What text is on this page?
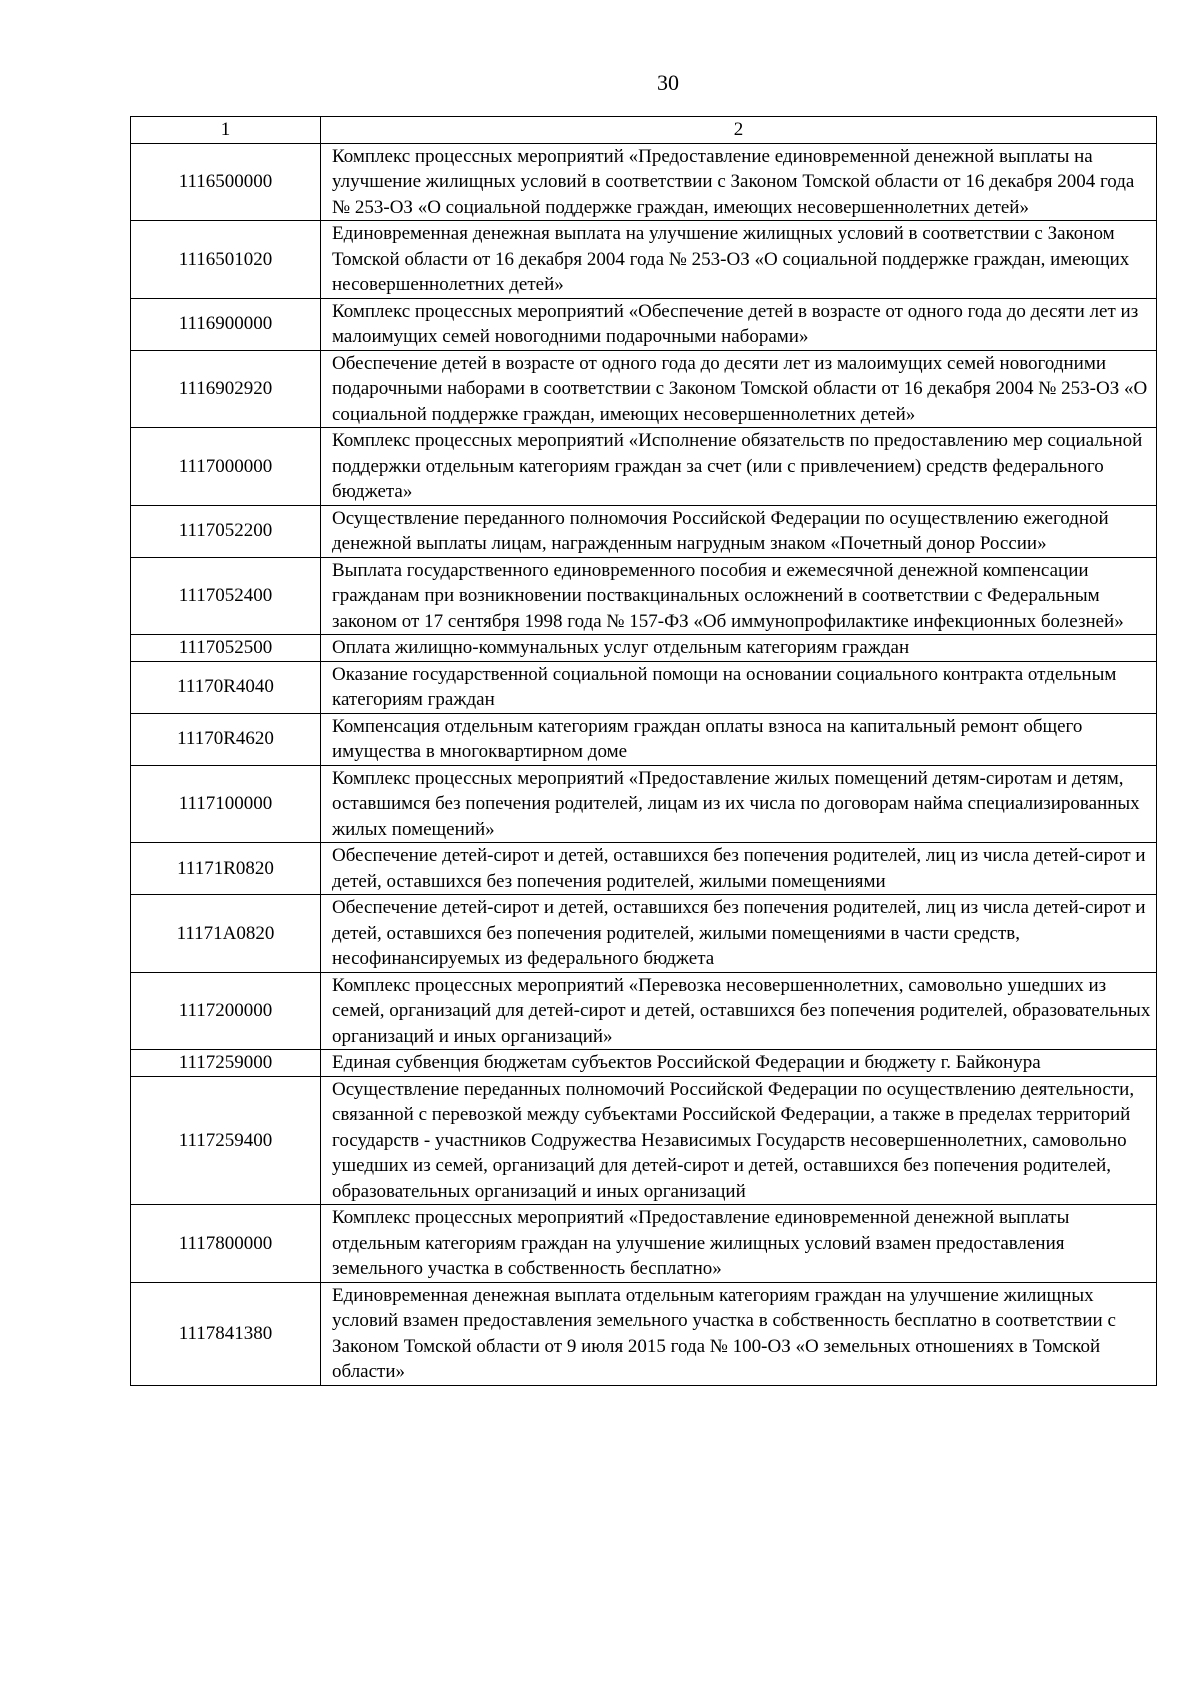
30
1	2
1116500000	Комплекс процессных мероприятий «Предоставление единовременной денежной выплаты на улучшение жилищных условий в соответствии с Законом Томской области от 16 декабря 2004 года № 253-ОЗ «О социальной поддержке граждан, имеющих несовершеннолетних детей»
1116501020	Единовременная денежная выплата на улучшение жилищных условий в соответствии с Законом Томской области от 16 декабря 2004 года № 253-ОЗ «О социальной поддержке граждан, имеющих несовершеннолетних детей»
1116900000	Комплекс процессных мероприятий «Обеспечение детей в возрасте от одного года до десяти лет из малоимущих семей новогодними подарочными наборами»
1116902920	Обеспечение детей в возрасте от одного года до десяти лет из малоимущих семей новогодними подарочными наборами в соответствии с Законом Томской области от 16 декабря 2004 № 253-ОЗ «О социальной поддержке граждан, имеющих несовершеннолетних детей»
1117000000	Комплекс процессных мероприятий «Исполнение обязательств по предоставлению мер социальной поддержки отдельным категориям граждан за счет (или с привлечением) средств федерального бюджета»
1117052200	Осуществление переданного полномочия Российской Федерации по осуществлению ежегодной денежной выплаты лицам, награжденным нагрудным знаком «Почетный донор России»
1117052400	Выплата государственного единовременного пособия и ежемесячной денежной компенсации гражданам при возникновении поствакцинальных осложнений в соответствии с Федеральным законом от 17 сентября 1998 года № 157-ФЗ «Об иммунопрофилактике инфекционных болезней»
1117052500	Оплата жилищно-коммунальных услуг отдельным категориям граждан
11170R4040	Оказание государственной социальной помощи на основании социального контракта отдельным категориям граждан
11170R4620	Компенсация отдельным категориям граждан оплаты взноса на капитальный ремонт общего имущества в многоквартирном доме
1117100000	Комплекс процессных мероприятий «Предоставление жилых помещений детям-сиротам и детям, оставшимся без попечения родителей, лицам из их числа по договорам найма специализированных жилых помещений»
11171R0820	Обеспечение детей-сирот и детей, оставшихся без попечения родителей, лиц из числа детей-сирот и детей, оставшихся без попечения родителей, жилыми помещениями
11171A0820	Обеспечение детей-сирот и детей, оставшихся без попечения родителей, лиц из числа детей-сирот и детей, оставшихся без попечения родителей, жилыми помещениями в части средств, несофинансируемых из федерального бюджета
1117200000	Комплекс процессных мероприятий «Перевозка несовершеннолетних, самовольно ушедших из семей, организаций для детей-сирот и детей, оставшихся без попечения родителей, образовательных организаций и иных организаций»
1117259000	Единая субвенция бюджетам субъектов Российской Федерации и бюджету г. Байконура
1117259400	Осуществление переданных полномочий Российской Федерации по осуществлению деятельности, связанной с перевозкой между субъектами Российской Федерации, а также в пределах территорий государств - участников Содружества Независимых Государств несовершеннолетних, самовольно ушедших из семей, организаций для детей-сирот и детей, оставшихся без попечения родителей, образовательных организаций и иных организаций
1117800000	Комплекс процессных мероприятий «Предоставление единовременной денежной выплаты отдельным категориям граждан на улучшение жилищных условий взамен предоставления земельного участка в собственность бесплатно»
1117841380	Единовременная денежная выплата отдельным категориям граждан на улучшение жилищных условий взамен предоставления земельного участка в собственность бесплатно в соответствии с Законом Томской области от 9 июля 2015 года № 100-ОЗ «О земельных отношениях в Томской области»
